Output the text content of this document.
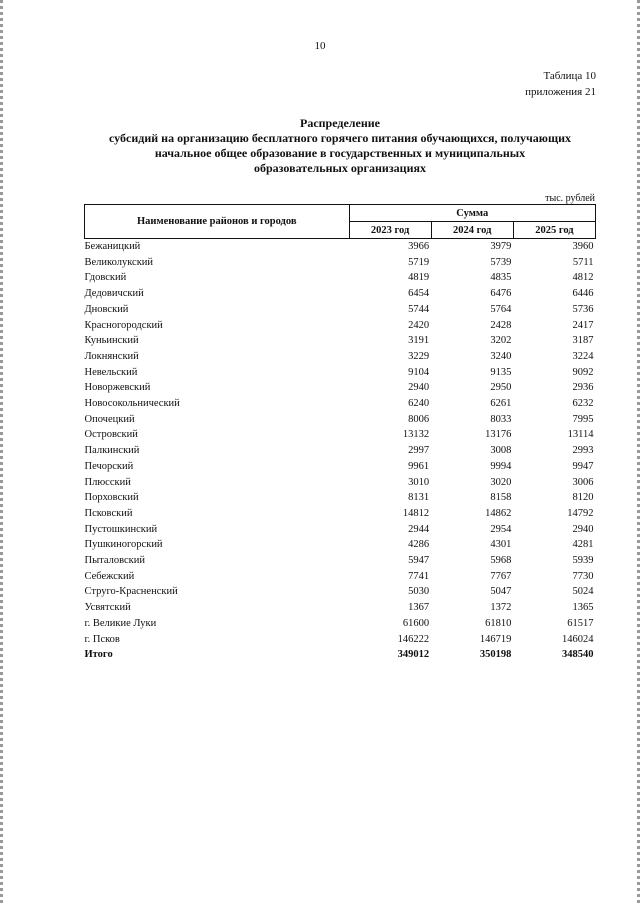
10
Таблица 10
приложения 21
Распределение
субсидий на организацию бесплатного горячего питания обучающихся, получающих
начальное общее образование в государственных и муниципальных
образовательных организациях
тыс. рублей
Наименование районов и городов	Сумма		
	2023 год	2024 год	2025 год
Бежаницкий	3966	3979	3960
Великолукский	5719	5739	5711
Гдовский	4819	4835	4812
Дедовичский	6454	6476	6446
Дновский	5744	5764	5736
Красногородский	2420	2428	2417
Куньинский	3191	3202	3187
Локнянский	3229	3240	3224
Невельский	9104	9135	9092
Новоржевский	2940	2950	2936
Новосокольнический	6240	6261	6232
Опочецкий	8006	8033	7995
Островский	13132	13176	13114
Палкинский	2997	3008	2993
Печорский	9961	9994	9947
Плюсский	3010	3020	3006
Порховский	8131	8158	8120
Псковский	14812	14862	14792
Пустошкинский	2944	2954	2940
Пушкиногорский	4286	4301	4281
Пыталовский	5947	5968	5939
Себежский	7741	7767	7730
Струго-Красненский	5030	5047	5024
Усвятский	1367	1372	1365
г. Великие Луки	61600	61810	61517
г. Псков	146222	146719	146024
Итого	349012	350198	348540
